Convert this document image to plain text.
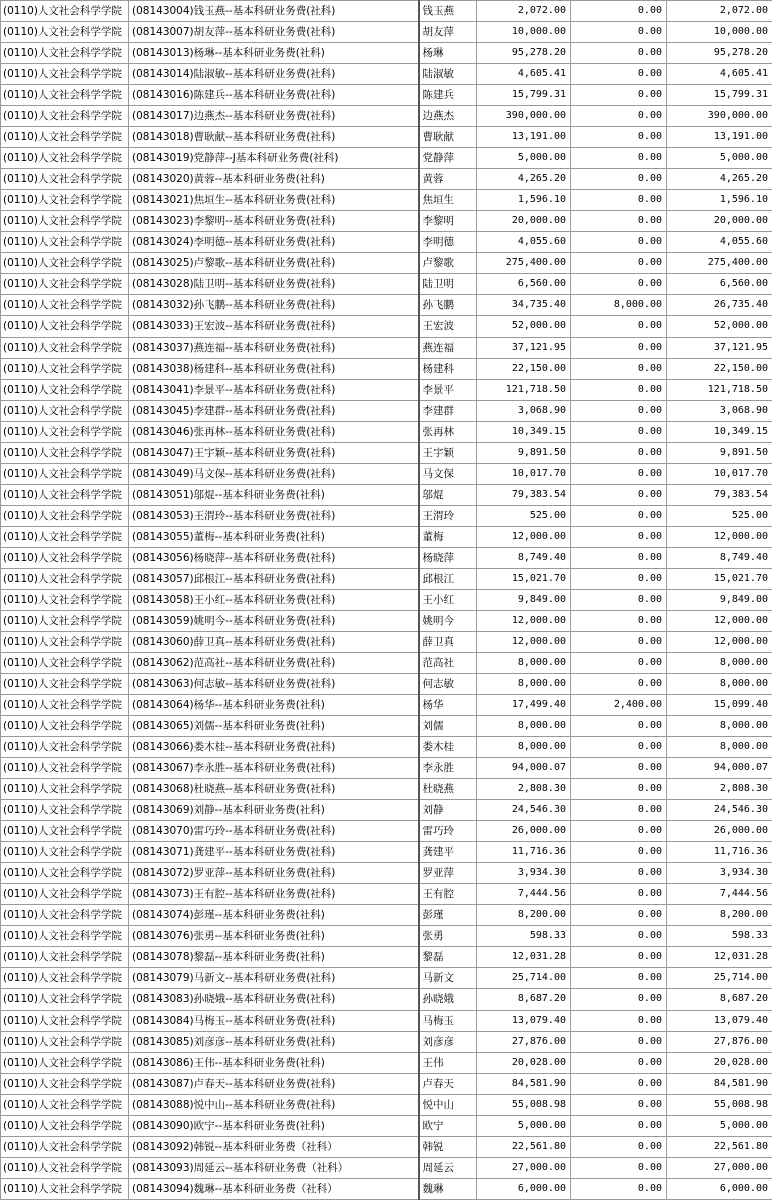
(0110)人文社会科学学院	(08143004)钱玉燕--基本科研业务费(社科)	钱玉燕	2,072.00	0.00	2,072.00
(0110)人文社会科学学院	(08143007)胡友萍--基本科研业务费(社科)	胡友萍	10,000.00	0.00	10,000.00
(0110)人文社会科学学院	(08143013)杨琳--基本科研业务费(社科)	杨琳	95,278.20	0.00	95,278.20
(0110)人文社会科学学院	(08143014)陆淑敏--基本科研业务费(社科)	陆淑敏	4,605.41	0.00	4,605.41
(0110)人文社会科学学院	(08143016)陈建兵--基本科研业务费(社科)	陈建兵	15,799.31	0.00	15,799.31
(0110)人文社会科学学院	(08143017)边燕杰--基本科研业务费(社科)	边燕杰	390,000.00	0.00	390,000.00
(0110)人文社会科学学院	(08143018)曹耿献--基本科研业务费(社科)	曹耿献	13,191.00	0.00	13,191.00
(0110)人文社会科学学院	(08143019)党静萍--J基本科研业务费(社科)	党静萍	5,000.00	0.00	5,000.00
(0110)人文社会科学学院	(08143020)黄蓉--基本科研业务费(社科)	黄蓉	4,265.20	0.00	4,265.20
(0110)人文社会科学学院	(08143021)焦垣生--基本科研业务费(社科)	焦垣生	1,596.10	0.00	1,596.10
(0110)人文社会科学学院	(08143023)李黎明--基本科研业务费(社科)	李黎明	20,000.00	0.00	20,000.00
(0110)人文社会科学学院	(08143024)李明德--基本科研业务费(社科)	李明德	4,055.60	0.00	4,055.60
(0110)人文社会科学学院	(08143025)卢黎歌--基本科研业务费(社科)	卢黎歌	275,400.00	0.00	275,400.00
(0110)人文社会科学学院	(08143028)陆卫明--基本科研业务费(社科)	陆卫明	6,560.00	0.00	6,560.00
(0110)人文社会科学学院	(08143032)孙飞鹏--基本科研业务费(社科)	孙飞鹏	34,735.40	8,000.00	26,735.40
(0110)人文社会科学学院	(08143033)王宏波--基本科研业务费(社科)	王宏波	52,000.00	0.00	52,000.00
(0110)人文社会科学学院	(08143037)燕连福--基本科研业务费(社科)	燕连福	37,121.95	0.00	37,121.95
(0110)人文社会科学学院	(08143038)杨建科--基本科研业务费(社科)	杨建科	22,150.00	0.00	22,150.00
(0110)人文社会科学学院	(08143041)李景平--基本科研业务费(社科)	李景平	121,718.50	0.00	121,718.50
(0110)人文社会科学学院	(08143045)李建群--基本科研业务费(社科)	李建群	3,068.90	0.00	3,068.90
(0110)人文社会科学学院	(08143046)张再林--基本科研业务费(社科)	张再林	10,349.15	0.00	10,349.15
(0110)人文社会科学学院	(08143047)王宇颖--基本科研业务费(社科)	王宇颖	9,891.50	0.00	9,891.50
(0110)人文社会科学学院	(08143049)马文保--基本科研业务费(社科)	马文保	10,017.70	0.00	10,017.70
(0110)人文社会科学学院	(08143051)邬焜--基本科研业务费(社科)	邬焜	79,383.54	0.00	79,383.54
(0110)人文社会科学学院	(08143053)王渭玲--基本科研业务费(社科)	王渭玲	525.00	0.00	525.00
(0110)人文社会科学学院	(08143055)董梅--基本科研业务费(社科)	董梅	12,000.00	0.00	12,000.00
(0110)人文社会科学学院	(08143056)杨晓萍--基本科研业务费(社科)	杨晓萍	8,749.40	0.00	8,749.40
(0110)人文社会科学学院	(08143057)邱根江--基本科研业务费(社科)	邱根江	15,021.70	0.00	15,021.70
(0110)人文社会科学学院	(08143058)王小红--基本科研业务费(社科)	王小红	9,849.00	0.00	9,849.00
(0110)人文社会科学学院	(08143059)姚明今--基本科研业务费(社科)	姚明今	12,000.00	0.00	12,000.00
(0110)人文社会科学学院	(08143060)薛卫真--基本科研业务费(社科)	薛卫真	12,000.00	0.00	12,000.00
(0110)人文社会科学学院	(08143062)范高社--基本科研业务费(社科)	范高社	8,000.00	0.00	8,000.00
(0110)人文社会科学学院	(08143063)何志敏--基本科研业务费(社科)	何志敏	8,000.00	0.00	8,000.00
(0110)人文社会科学学院	(08143064)杨华--基本科研业务费(社科)	杨华	17,499.40	2,400.00	15,099.40
(0110)人文社会科学学院	(08143065)刘儒--基本科研业务费(社科)	刘儒	8,000.00	0.00	8,000.00
(0110)人文社会科学学院	(08143066)娄木桂--基本科研业务费(社科)	娄木桂	8,000.00	0.00	8,000.00
(0110)人文社会科学学院	(08143067)李永胜--基本科研业务费(社科)	李永胜	94,000.07	0.00	94,000.07
(0110)人文社会科学学院	(08143068)杜晓燕--基本科研业务费(社科)	杜晓燕	2,808.30	0.00	2,808.30
(0110)人文社会科学学院	(08143069)刘静--基本科研业务费(社科)	刘静	24,546.30	0.00	24,546.30
(0110)人文社会科学学院	(08143070)雷巧玲--基本科研业务费(社科)	雷巧玲	26,000.00	0.00	26,000.00
(0110)人文社会科学学院	(08143071)龚建平--基本科研业务费(社科)	龚建平	11,716.36	0.00	11,716.36
(0110)人文社会科学学院	(08143072)罗亚萍--基本科研业务费(社科)	罗亚萍	3,934.30	0.00	3,934.30
(0110)人文社会科学学院	(08143073)王有腔--基本科研业务费(社科)	王有腔	7,444.56	0.00	7,444.56
(0110)人文社会科学学院	(08143074)彭瑾--基本科研业务费(社科)	彭瑾	8,200.00	0.00	8,200.00
(0110)人文社会科学学院	(08143076)张勇--基本科研业务费(社科)	张勇	598.33	0.00	598.33
(0110)人文社会科学学院	(08143078)黎磊--基本科研业务费(社科)	黎磊	12,031.28	0.00	12,031.28
(0110)人文社会科学学院	(08143079)马新文--基本科研业务费(社科)	马新文	25,714.00	0.00	25,714.00
(0110)人文社会科学学院	(08143083)孙晓娥--基本科研业务费(社科)	孙晓娥	8,687.20	0.00	8,687.20
(0110)人文社会科学学院	(08143084)马梅玉--基本科研业务费(社科)	马梅玉	13,079.40	0.00	13,079.40
(0110)人文社会科学学院	(08143085)刘彦彦--基本科研业务费(社科)	刘彦彦	27,876.00	0.00	27,876.00
(0110)人文社会科学学院	(08143086)王伟--基本科研业务费(社科)	王伟	20,028.00	0.00	20,028.00
(0110)人文社会科学学院	(08143087)卢春天--基本科研业务费(社科)	卢春天	84,581.90	0.00	84,581.90
(0110)人文社会科学学院	(08143088)悦中山--基本科研业务费(社科)	悦中山	55,008.98	0.00	55,008.98
(0110)人文社会科学学院	(08143090)欧宁--基本科研业务费(社科)	欧宁	5,000.00	0.00	5,000.00
(0110)人文社会科学学院	(08143092)韩锐--基本科研业务费（社科）	韩锐	22,561.80	0.00	22,561.80
(0110)人文社会科学学院	(08143093)周延云--基本科研业务费（社科）	周延云	27,000.00	0.00	27,000.00
(0110)人文社会科学学院	(08143094)魏琳--基本科研业务费（社科）	魏琳	6,000.00	0.00	6,000.00
